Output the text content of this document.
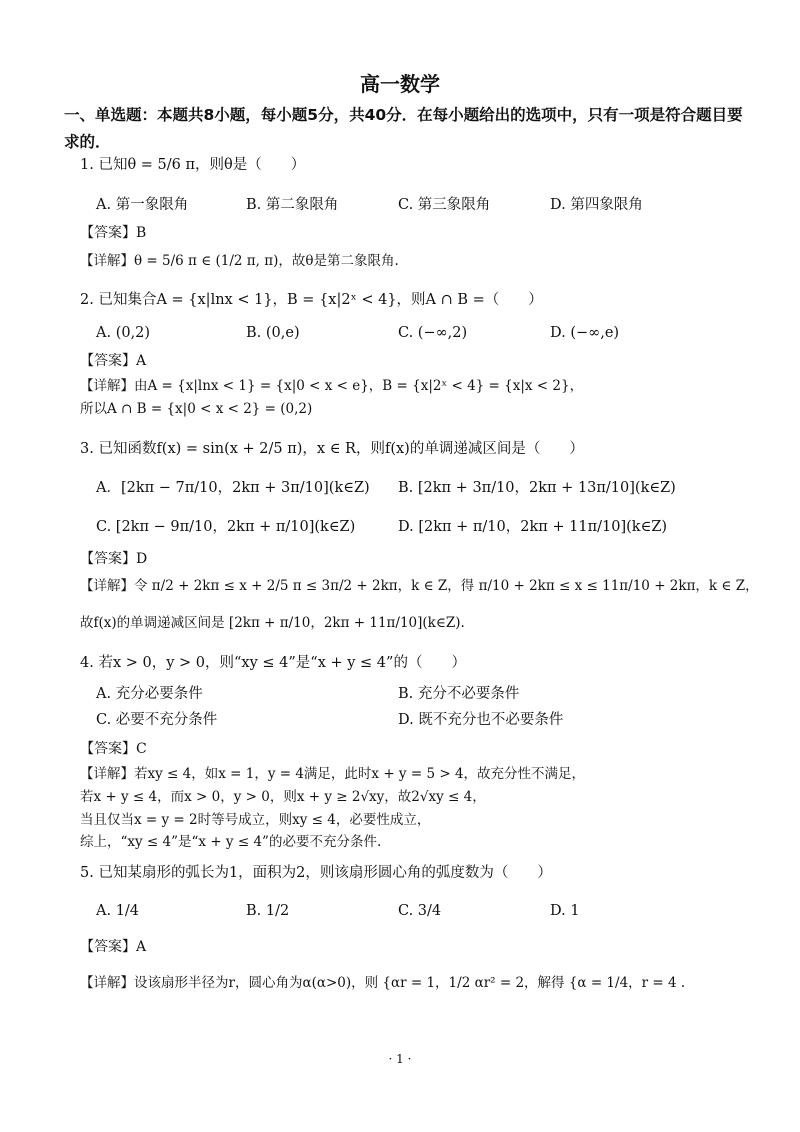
高一数学
一、单选题：本题共8小题，每小题5分，共40分．在每小题给出的选项中，只有一项是符合题目要求的．
1. 已知θ = 5/6 π，则θ是（　　）
A. 第一象限角	B. 第二象限角	C. 第三象限角	D. 第四象限角
【答案】B
【详解】θ = 5/6 π ∈ (1/2 π, π)，故θ是第二象限角.
2. 已知集合A = {x|lnx < 1}，B = {x|2ˣ < 4}，则A ∩ B =（　　）
A. (0,2)	B. (0,e)	C. (−∞,2)	D. (−∞,e)
【答案】A
【详解】由A = {x|lnx < 1} = {x|0 < x < e}，B = {x|2ˣ < 4} = {x|x < 2}，
所以A ∩ B = {x|0 < x < 2} = (0,2)
3. 已知函数f(x) = sin(x + 2/5 π)，x ∈ R，则f(x)的单调递减区间是（　　）
A．[2kπ − 7π/10，2kπ + 3π/10](k∈Z) B. [2kπ + 3π/10，2kπ + 13π/10](k∈Z)
C. [2kπ − 9π/10，2kπ + π/10](k∈Z)	D. [2kπ + π/10，2kπ + 11π/10](k∈Z)
【答案】D
【详解】令 π/2 + 2kπ ≤ x + 2/5 π ≤ 3π/2 + 2kπ，k ∈ Z，得 π/10 + 2kπ ≤ x ≤ 11π/10 + 2kπ，k ∈ Z，
故f(x)的单调递减区间是 [2kπ + π/10，2kπ + 11π/10](k∈Z).
4. 若x > 0，y > 0，则“xy ≤ 4”是“x + y ≤ 4”的（　　）
A. 充分必要条件	B. 充分不必要条件
C. 必要不充分条件	D. 既不充分也不必要条件
【答案】C
【详解】若xy ≤ 4，如x = 1，y = 4满足，此时x + y = 5 > 4，故充分性不满足，
若x + y ≤ 4，而x > 0，y > 0，则x + y ≥ 2√xy，故2√xy ≤ 4，
当且仅当x = y = 2时等号成立，则xy ≤ 4，必要性成立，
综上，“xy ≤ 4”是“x + y ≤ 4”的必要不充分条件.
5. 已知某扇形的弧长为1，面积为2，则该扇形圆心角的弧度数为（　　）
A. 1/4	B. 1/2	C. 3/4	D. 1
【答案】A
【详解】设该扇形半径为r，圆心角为α(α>0)，则 {αr = 1，1/2 αr² = 2，解得 {α = 1/4，r = 4 .
· 1 ·
